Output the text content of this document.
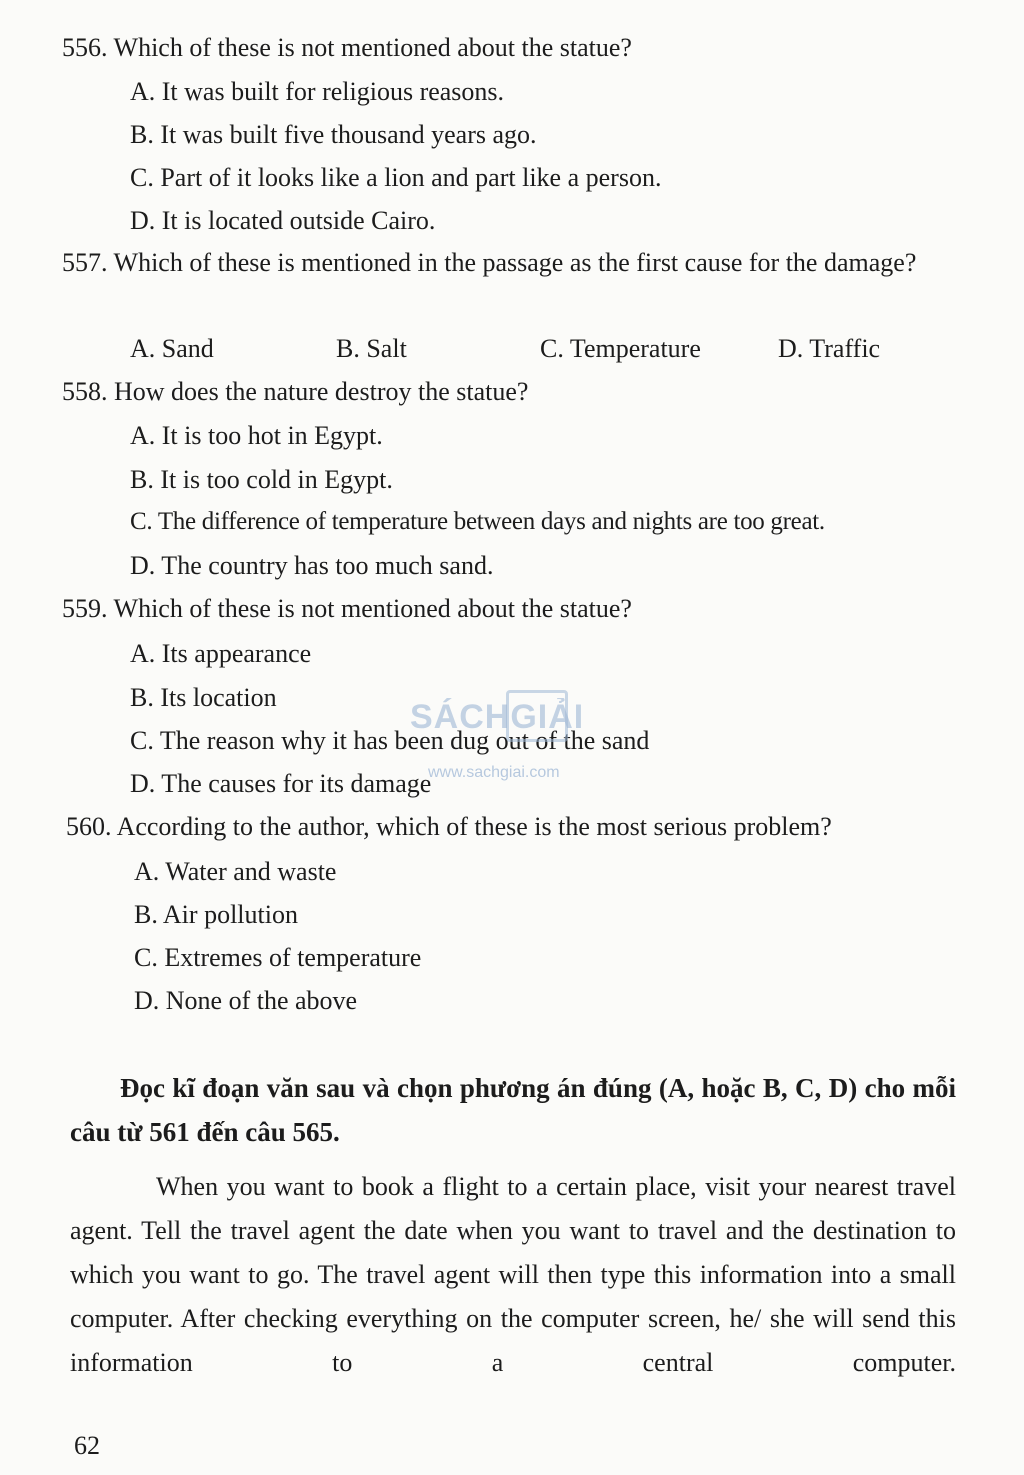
556. Which of these is not mentioned about the statue?
A. It was built for religious reasons.
B. It was built five thousand years ago.
C. Part of it looks like a lion and part like a person.
D. It is located outside Cairo.
557. Which of these is mentioned in the passage as the first cause for the damage?
A. Sand	B. Salt	C. Temperature	D. Traffic
558. How does the nature destroy the statue?
A. It is too hot in Egypt.
B. It is too cold in Egypt.
C. The difference of temperature between days and nights are too great.
D. The country has too much sand.
559. Which of these is not mentioned about the statue?
A. Its appearance
B. Its location
C. The reason why it has been dug out of the sand
D. The causes for its damage
560. According to the author, which of these is the most serious problem?
A. Water and waste
B. Air pollution
C. Extremes of temperature
D. None of the above
Đọc kĩ đoạn văn sau và chọn phương án đúng (A, hoặc B, C, D) cho mỗi câu từ 561 đến câu 565.
When you want to book a flight to a certain place, visit your nearest travel agent. Tell the travel agent the date when you want to travel and the destination to which you want to go. The travel agent will then type this information into a small computer. After checking everything on the computer screen, he/ she will send this information to a central computer.
62
SÁCHGIẢI
www.sachgiai.com
